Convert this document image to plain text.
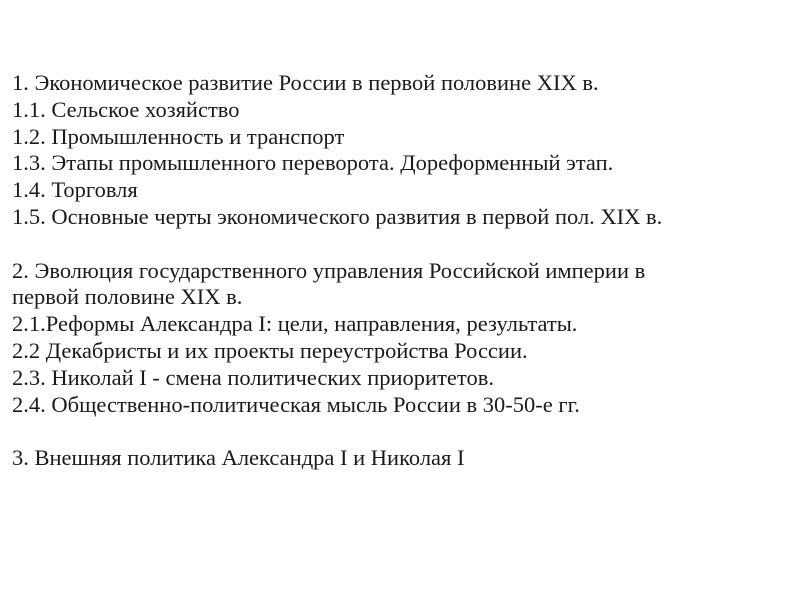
1. Экономическое развитие России в первой половине XIX в.
1.1. Сельское хозяйство
1.2. Промышленность и транспорт
1.3. Этапы промышленного переворота. Дореформенный этап.
1.4. Торговля
1.5. Основные черты экономического развития в первой пол. XIX в.
2. Эволюция государственного управления Российской империи в
первой половине XIX в.
2.1.Реформы Александра I: цели, направления, результаты.
2.2 Декабристы и их проекты переустройства России.
2.3. Николай I - смена политических приоритетов.
2.4. Общественно-политическая мысль России в 30-50-е гг.
3. Внешняя политика Александра I и Николая I
